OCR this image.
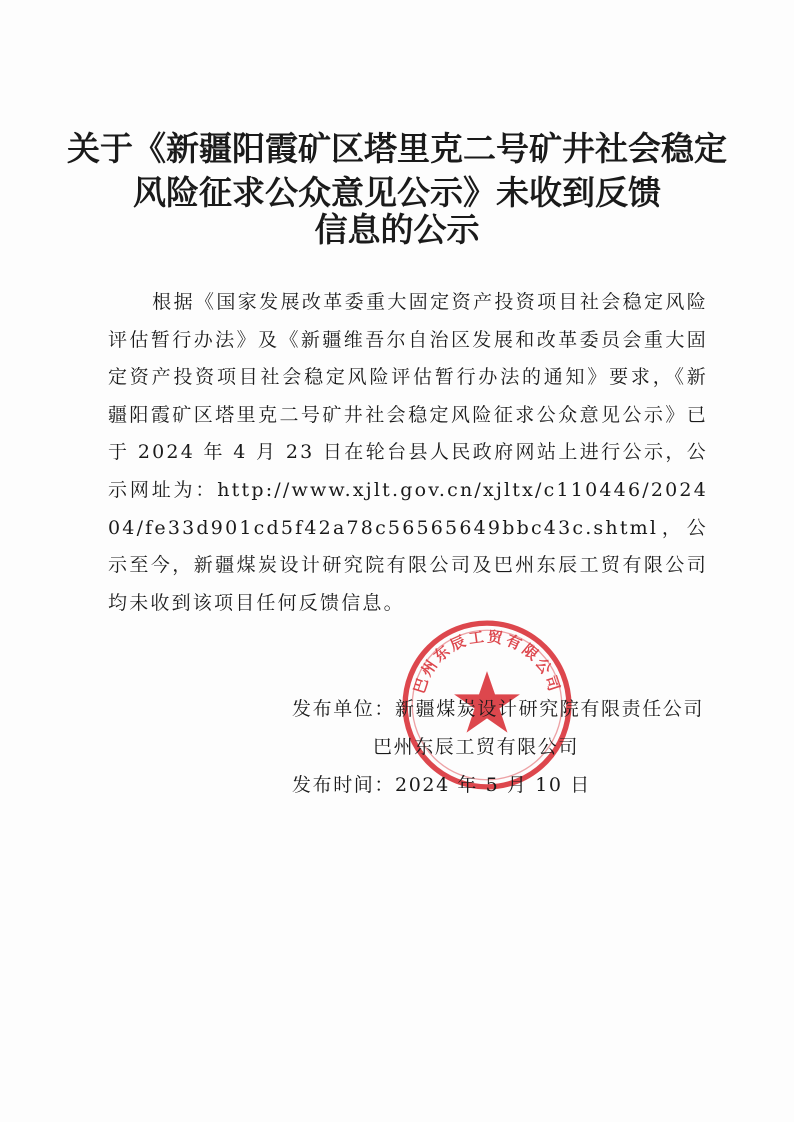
关于《新疆阳霞矿区塔里克二号矿井社会稳定
风险征求公众意见公示》未收到反馈
信息的公示

根据《国家发展改革委重大固定资产投资项目社会稳定风险评估暂行办法》及《新疆维吾尔自治区发展和改革委员会重大固定资产投资项目社会稳定风险评估暂行办法的通知》要求，《新疆阳霞矿区塔里克二号矿井社会稳定风险征求公众意见公示》已于 2024 年 4 月 23 日在轮台县人民政府网站上进行公示，公示网址为：http://www.xjlt.gov.cn/xjltx/c110446/202404/fe33d901cd5f42a78c56565649bbc43c.shtml，公示至今，新疆煤炭设计研究院有限公司及巴州东辰工贸有限公司均未收到该项目任何反馈信息。

巴州东辰工贸有限公司

发布单位：新疆煤炭设计研究院有限责任公司

巴州东辰工贸有限公司

发布时间：2024 年 5 月 10 日
